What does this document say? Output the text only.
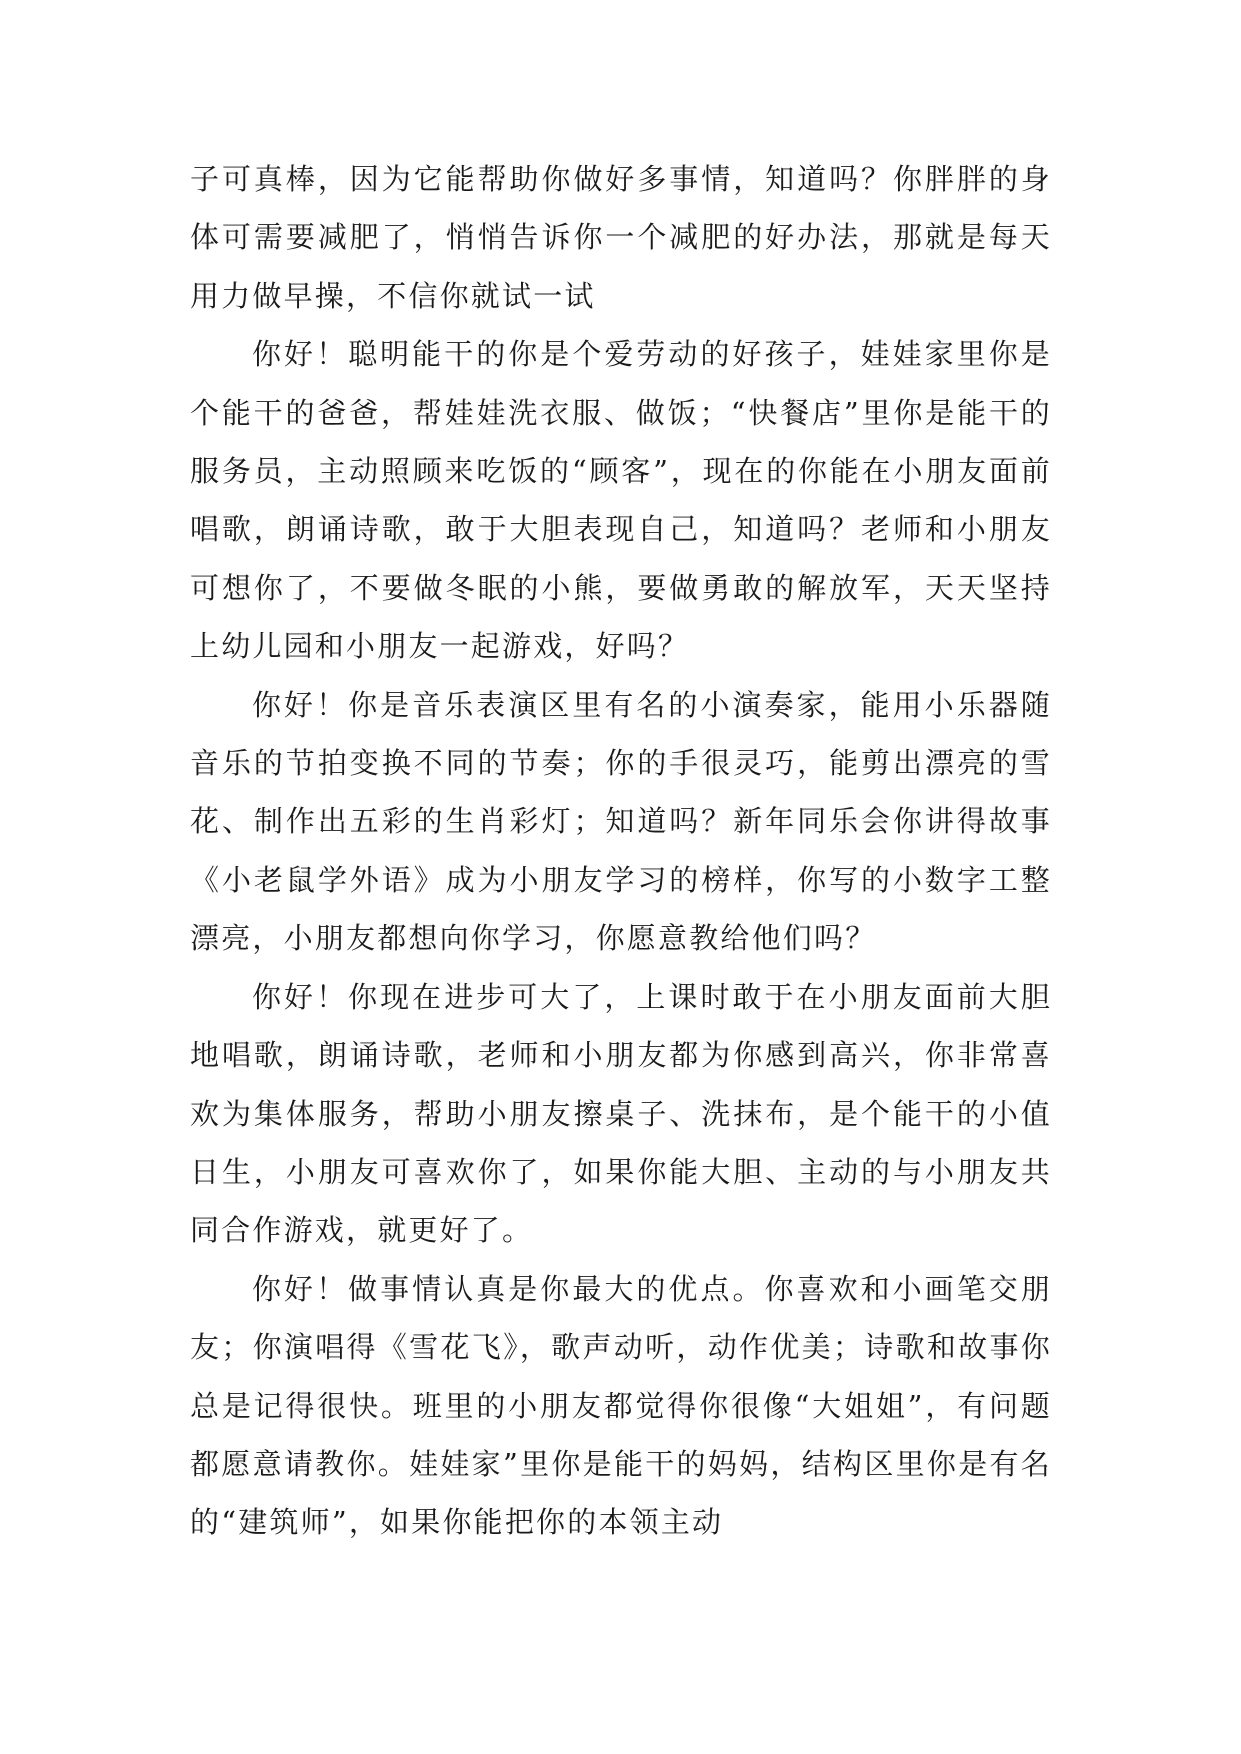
子可真棒，因为它能帮助你做好多事情，知道吗？你胖胖的身体可需要减肥了，悄悄告诉你一个减肥的好办法，那就是每天用力做早操，不信你就试一试

你好！聪明能干的你是个爱劳动的好孩子，娃娃家里你是个能干的爸爸，帮娃娃洗衣服、做饭；“快餐店”里你是能干的服务员，主动照顾来吃饭的“顾客”，现在的你能在小朋友面前唱歌，朗诵诗歌，敢于大胆表现自己，知道吗？老师和小朋友可想你了，不要做冬眠的小熊，要做勇敢的解放军，天天坚持上幼儿园和小朋友一起游戏，好吗？

你好！你是音乐表演区里有名的小演奏家，能用小乐器随音乐的节拍变换不同的节奏；你的手很灵巧，能剪出漂亮的雪花、制作出五彩的生肖彩灯；知道吗？新年同乐会你讲得故事《小老鼠学外语》成为小朋友学习的榜样，你写的小数字工整漂亮，小朋友都想向你学习，你愿意教给他们吗？

你好！你现在进步可大了，上课时敢于在小朋友面前大胆地唱歌，朗诵诗歌，老师和小朋友都为你感到高兴，你非常喜欢为集体服务，帮助小朋友擦桌子、洗抹布，是个能干的小值日生，小朋友可喜欢你了，如果你能大胆、主动的与小朋友共同合作游戏，就更好了。

你好！做事情认真是你最大的优点。你喜欢和小画笔交朋友；你演唱得《雪花飞》，歌声动听，动作优美；诗歌和故事你总是记得很快。班里的小朋友都觉得你很像“大姐姐”，有问题都愿意请教你。娃娃家”里你是能干的妈妈，结构区里你是有名的“建筑师”，如果你能把你的本领主动
